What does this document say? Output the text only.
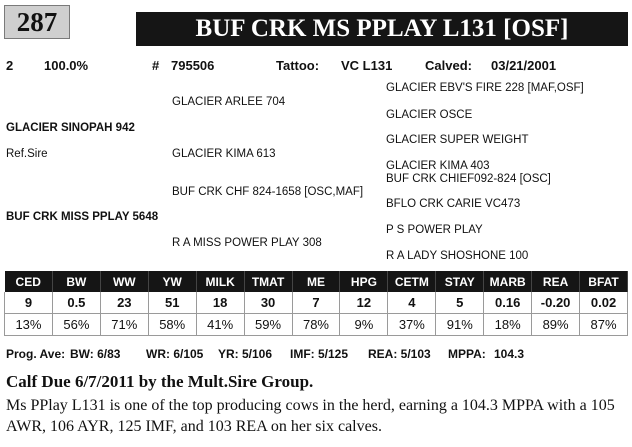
287	BUF CRK MS PPLAY L131 [OSF]
2 100.0%	# 795506	Tattoo: VC L131	Calved: 03/21/2001
GLACIER ARLEE 704
GLACIER EBV'S FIRE 228 [MAF,OSF]
GLACIER OSCE
GLACIER SINOPAH 942
Ref.Sire
GLACIER SUPER WEIGHT
GLACIER KIMA 613
GLACIER KIMA 403
BUF CRK CHIEF092-824 [OSC]
BUF CRK CHF 824-1658 [OSC,MAF]
BFLO CRK CARIE VC473
BUF CRK MISS PPLAY 5648
P S POWER PLAY
R A MISS POWER PLAY 308
R A LADY SHOSHONE 100
CED	BW	WW	YW	MILK	TMAT	ME	HPG	CETM	STAY	MARB	REA	BFAT
9	0.5	23	51	18	30	7	12	4	5	0.16	-0.20	0.02
13%	56%	71%	58%	41%	59%	78%	9%	37%	91%	18%	89%	87%
Prog. Ave: BW: 6/83 WR: 6/105 YR: 5/106 IMF: 5/125 REA: 5/103 MPPA: 104.3
Calf Due 6/7/2011 by the Mult.Sire Group.
Ms PPlay L131 is one of the top producing cows in the herd, earning a 104.3 MPPA with a 105 AWR, 106 AYR, 125 IMF, and 103 REA on her six calves.
